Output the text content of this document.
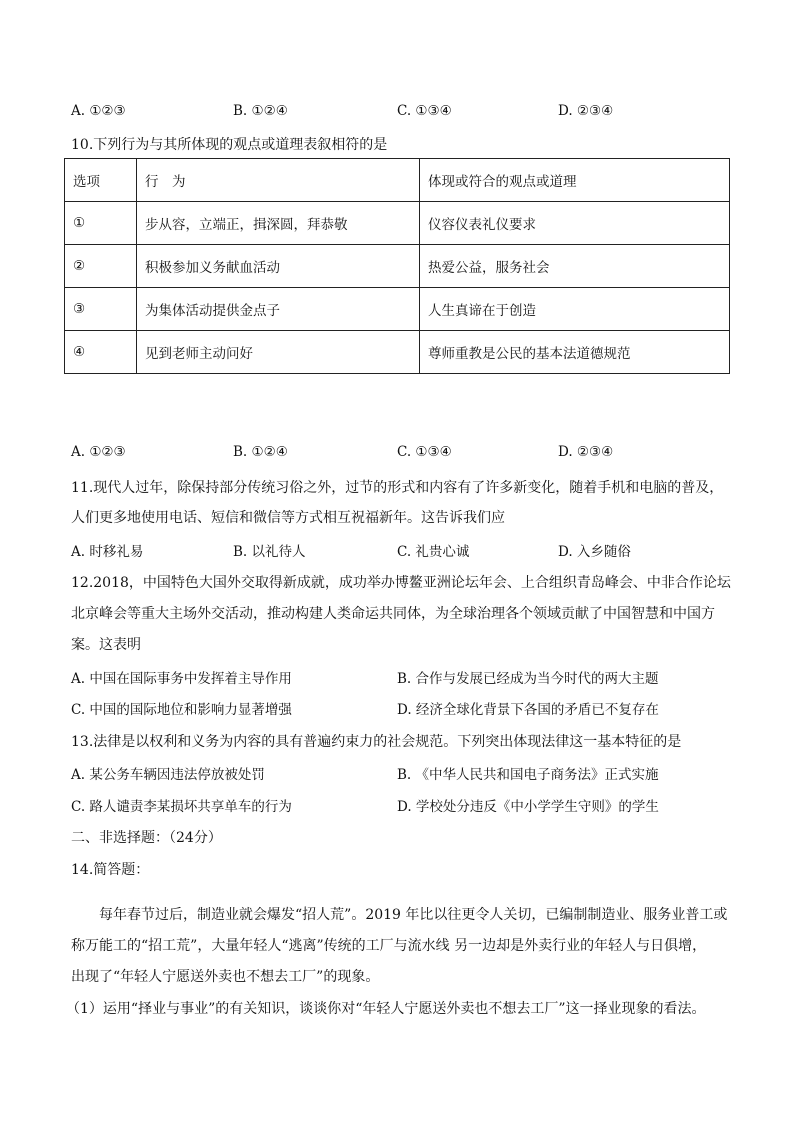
A. ①②③	B. ①②④	C. ①③④	D. ②③④
10.下列行为与其所体现的观点或道理表叙相符的是
选项	行　为	体现或符合的观点或道理
①	步从容，立端正，揖深圆，拜恭敬	仪容仪表礼仪要求
②	积极参加义务献血活动	热爱公益，服务社会
③	为集体活动提供金点子	人生真谛在于创造
④	见到老师主动问好	尊师重教是公民的基本法道德规范
A. ①②③	B. ①②④	C. ①③④	D. ②③④
11.现代人过年，除保持部分传统习俗之外，过节的形式和内容有了许多新变化，随着手机和电脑的普及，
人们更多地使用电话、短信和微信等方式相互祝福新年。这告诉我们应
A. 时移礼易	B. 以礼待人	C. 礼贵心诚	D. 入乡随俗
12.2018，中国特色大国外交取得新成就，成功举办博鳌亚洲论坛年会、上合组织青岛峰会、中非合作论坛
北京峰会等重大主场外交活动，推动构建人类命运共同体，为全球治理各个领域贡献了中国智慧和中国方
案。这表明
A. 中国在国际事务中发挥着主导作用	B. 合作与发展已经成为当今时代的两大主题
C. 中国的国际地位和影响力显著增强	D. 经济全球化背景下各国的矛盾已不复存在
13.法律是以权利和义务为内容的具有普遍约束力的社会规范。下列突出体现法律这一基本特征的是
A. 某公务车辆因违法停放被处罚	B. 《中华人民共和国电子商务法》正式实施
C. 路人谴责李某损坏共享单车的行为	D. 学校处分违反《中小学学生守则》的学生
二、非选择题：（24分）
14.简答题：
每年春节过后，制造业就会爆发“招人荒”。2019 年比以往更令人关切，已编制制造业、服务业普工或
称万能工的“招工荒”，大量年轻人“逃离”传统的工厂与流水线 另一边却是外卖行业的年轻人与日俱增，
出现了“年轻人宁愿送外卖也不想去工厂”的现象。
（1）运用“择业与事业”的有关知识，谈谈你对“年轻人宁愿送外卖也不想去工厂”这一择业现象的看法。
